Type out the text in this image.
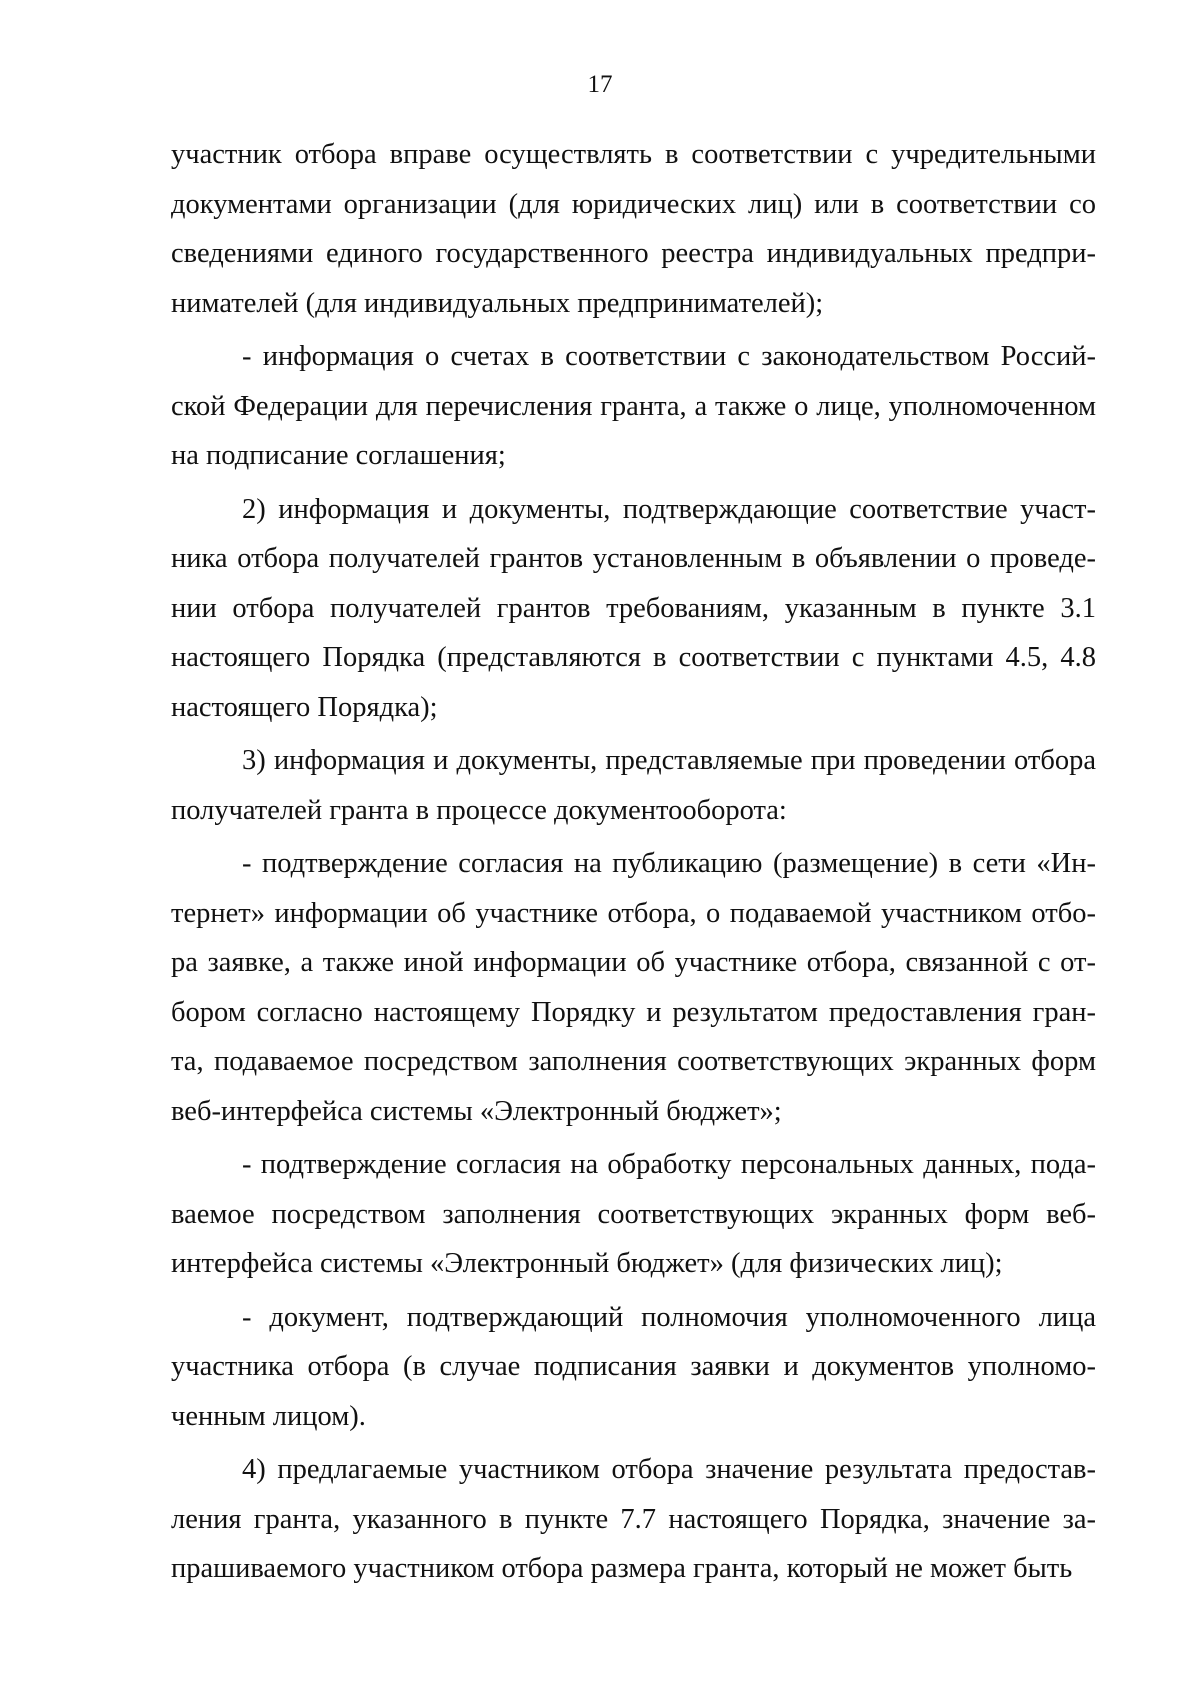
17
участник отбора вправе осуществлять в соответствии с учредительными
документами организации (для юридических лиц) или в соответствии со
сведениями единого государственного реестра индивидуальных предпри-
нимателей (для индивидуальных предпринимателей);
- информация о счетах в соответствии с законодательством Россий-
ской Федерации для перечисления гранта, а также о лице, уполномоченном
на подписание соглашения;
2) информация и документы, подтверждающие соответствие участ-
ника отбора получателей грантов установленным в объявлении о проведе-
нии отбора получателей грантов требованиям, указанным в пункте 3.1
настоящего Порядка (представляются в соответствии с пунктами 4.5, 4.8
настоящего Порядка);
3) информация и документы, представляемые при проведении отбора
получателей гранта в процессе документооборота:
- подтверждение согласия на публикацию (размещение) в сети «Ин-
тернет» информации об участнике отбора, о подаваемой участником отбо-
ра заявке, а также иной информации об участнике отбора, связанной с от-
бором согласно настоящему Порядку и результатом предоставления гран-
та, подаваемое посредством заполнения соответствующих экранных форм
веб-интерфейса системы «Электронный бюджет»;
- подтверждение согласия на обработку персональных данных, пода-
ваемое посредством заполнения соответствующих экранных форм веб-
интерфейса системы «Электронный бюджет» (для физических лиц);
- документ, подтверждающий полномочия уполномоченного лица
участника отбора (в случае подписания заявки и документов уполномо-
ченным лицом).
4) предлагаемые участником отбора значение результата предостав-
ления гранта, указанного в пункте 7.7 настоящего Порядка, значение за-
прашиваемого участником отбора размера гранта, который не может быть
